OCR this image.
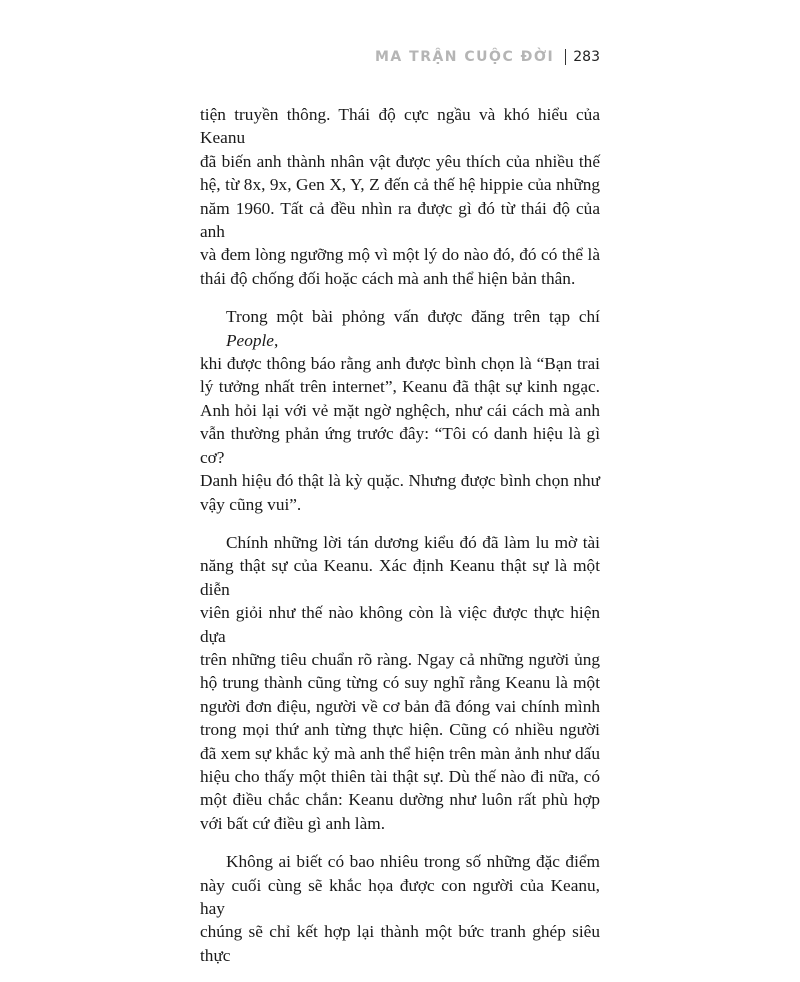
MA TRẬN CUỘC ĐỜI 283

tiện truyền thông. Thái độ cực ngầu và khó hiểu của Keanu
đã biến anh thành nhân vật được yêu thích của nhiều thế
hệ, từ 8x, 9x, Gen X, Y, Z đến cả thế hệ hippie của những
năm 1960. Tất cả đều nhìn ra được gì đó từ thái độ của anh
và đem lòng ngưỡng mộ vì một lý do nào đó, đó có thể là
thái độ chống đối hoặc cách mà anh thể hiện bản thân.

Trong một bài phỏng vấn được đăng trên tạp chí People,
khi được thông báo rằng anh được bình chọn là “Bạn trai
lý tưởng nhất trên internet”, Keanu đã thật sự kinh ngạc.
Anh hỏi lại với vẻ mặt ngờ nghệch, như cái cách mà anh
vẫn thường phản ứng trước đây: “Tôi có danh hiệu là gì cơ?
Danh hiệu đó thật là kỳ quặc. Nhưng được bình chọn như
vậy cũng vui”.

Chính những lời tán dương kiểu đó đã làm lu mờ tài
năng thật sự của Keanu. Xác định Keanu thật sự là một diễn
viên giỏi như thế nào không còn là việc được thực hiện dựa
trên những tiêu chuẩn rõ ràng. Ngay cả những người ủng
hộ trung thành cũng từng có suy nghĩ rằng Keanu là một
người đơn điệu, người về cơ bản đã đóng vai chính mình
trong mọi thứ anh từng thực hiện. Cũng có nhiều người
đã xem sự khắc kỷ mà anh thể hiện trên màn ảnh như dấu
hiệu cho thấy một thiên tài thật sự. Dù thế nào đi nữa, có
một điều chắc chắn: Keanu dường như luôn rất phù hợp
với bất cứ điều gì anh làm.

Không ai biết có bao nhiêu trong số những đặc điểm
này cuối cùng sẽ khắc họa được con người của Keanu, hay
chúng sẽ chỉ kết hợp lại thành một bức tranh ghép siêu thực
